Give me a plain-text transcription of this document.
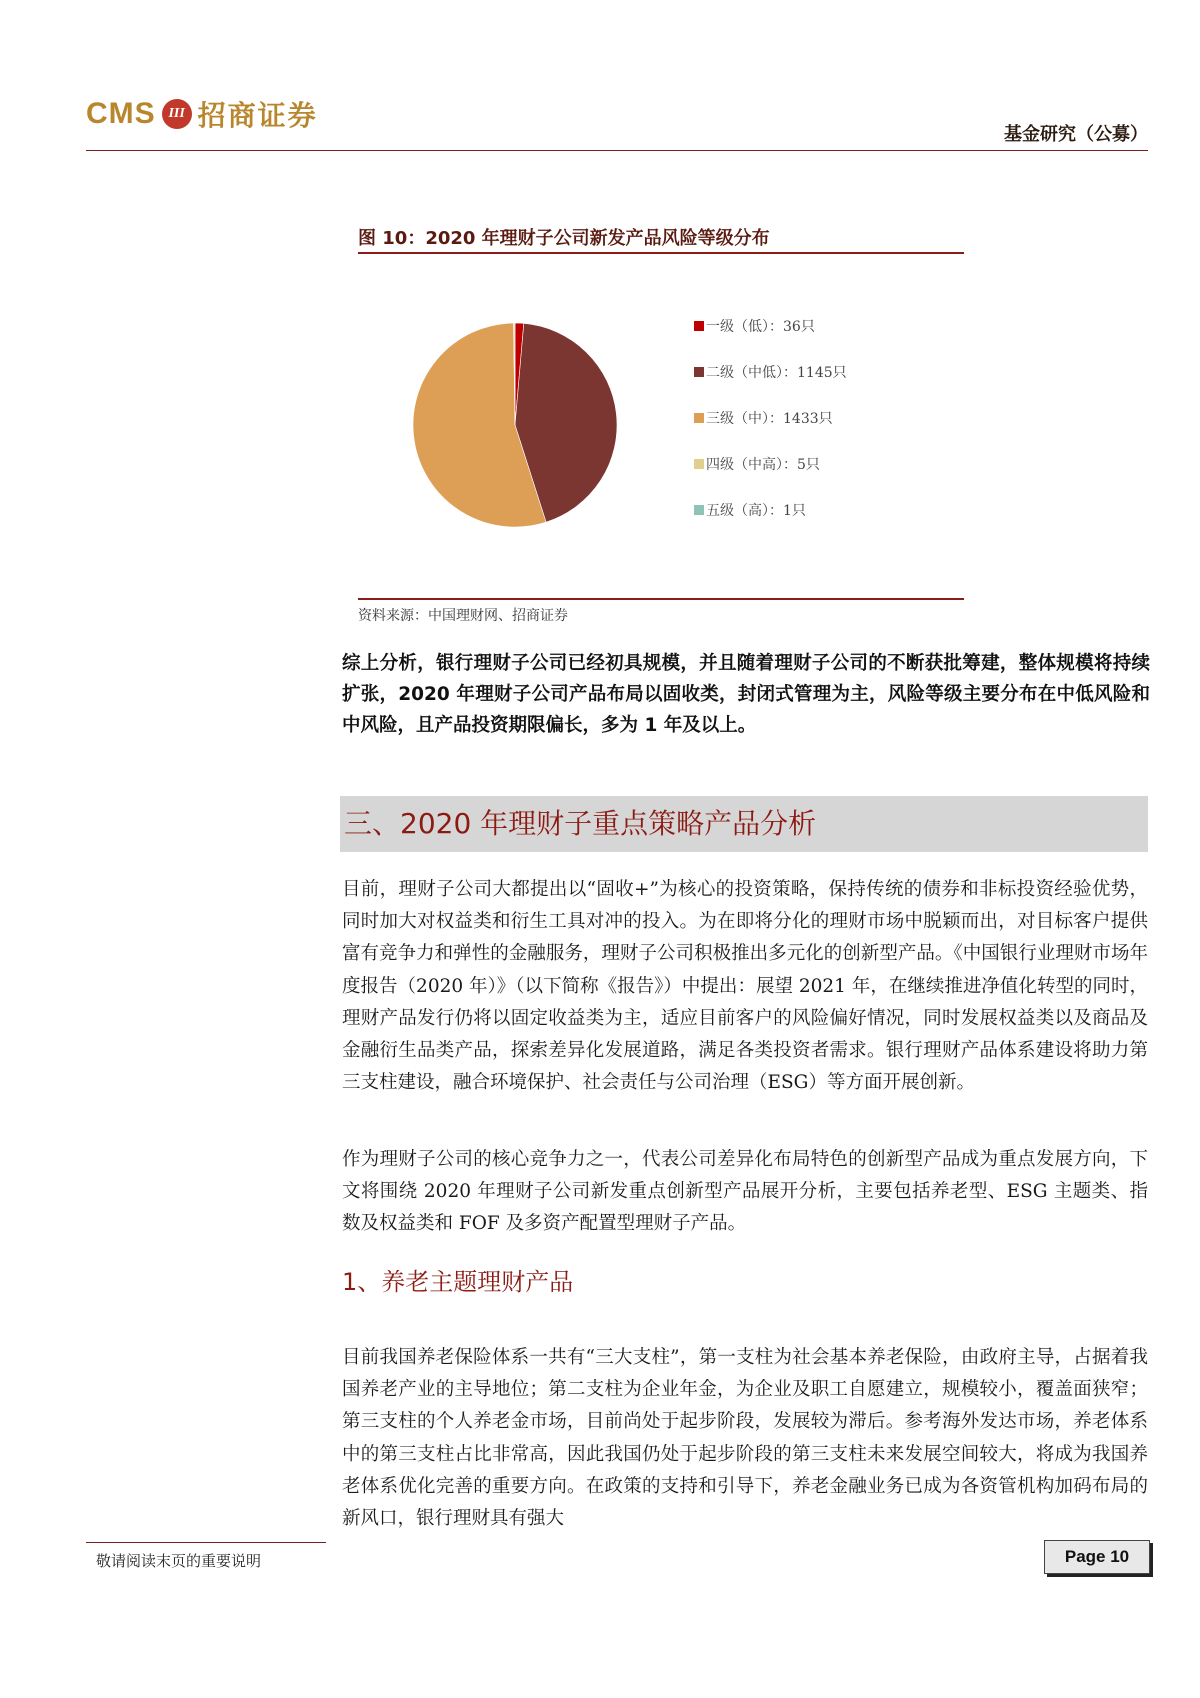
CMS III 招商证券
基金研究（公募）
图 10：2020 年理财子公司新发产品风险等级分布
一级（低）：36只
二级（中低）：1145只
三级（中）：1433只
四级（中高）：5只
五级（高）：1只
资料来源：中国理财网、招商证券
综上分析，银行理财子公司已经初具规模，并且随着理财子公司的不断获批筹建，整体规模将持续扩张，2020 年理财子公司产品布局以固收类，封闭式管理为主，风险等级主要分布在中低风险和中风险，且产品投资期限偏长，多为 1 年及以上。
三、2020 年理财子重点策略产品分析
目前，理财子公司大都提出以“固收+”为核心的投资策略，保持传统的债券和非标投资经验优势，同时加大对权益类和衍生工具对冲的投入。为在即将分化的理财市场中脱颖而出，对目标客户提供富有竞争力和弹性的金融服务，理财子公司积极推出多元化的创新型产品。《中国银行业理财市场年度报告（2020 年）》（以下简称《报告》）中提出：展望 2021 年，在继续推进净值化转型的同时，理财产品发行仍将以固定收益类为主，适应目前客户的风险偏好情况，同时发展权益类以及商品及金融衍生品类产品，探索差异化发展道路，满足各类投资者需求。银行理财产品体系建设将助力第三支柱建设，融合环境保护、社会责任与公司治理（ESG）等方面开展创新。
作为理财子公司的核心竞争力之一，代表公司差异化布局特色的创新型产品成为重点发展方向，下文将围绕 2020 年理财子公司新发重点创新型产品展开分析，主要包括养老型、ESG 主题类、指数及权益类和 FOF 及多资产配置型理财子产品。
1、养老主题理财产品
目前我国养老保险体系一共有“三大支柱”，第一支柱为社会基本养老保险，由政府主导，占据着我国养老产业的主导地位；第二支柱为企业年金，为企业及职工自愿建立，规模较小，覆盖面狭窄；第三支柱的个人养老金市场，目前尚处于起步阶段，发展较为滞后。参考海外发达市场，养老体系中的第三支柱占比非常高，因此我国仍处于起步阶段的第三支柱未来发展空间较大，将成为我国养老体系优化完善的重要方向。在政策的支持和引导下，养老金融业务已成为各资管机构加码布局的新风口，银行理财具有强大
敬请阅读末页的重要说明	Page 10
